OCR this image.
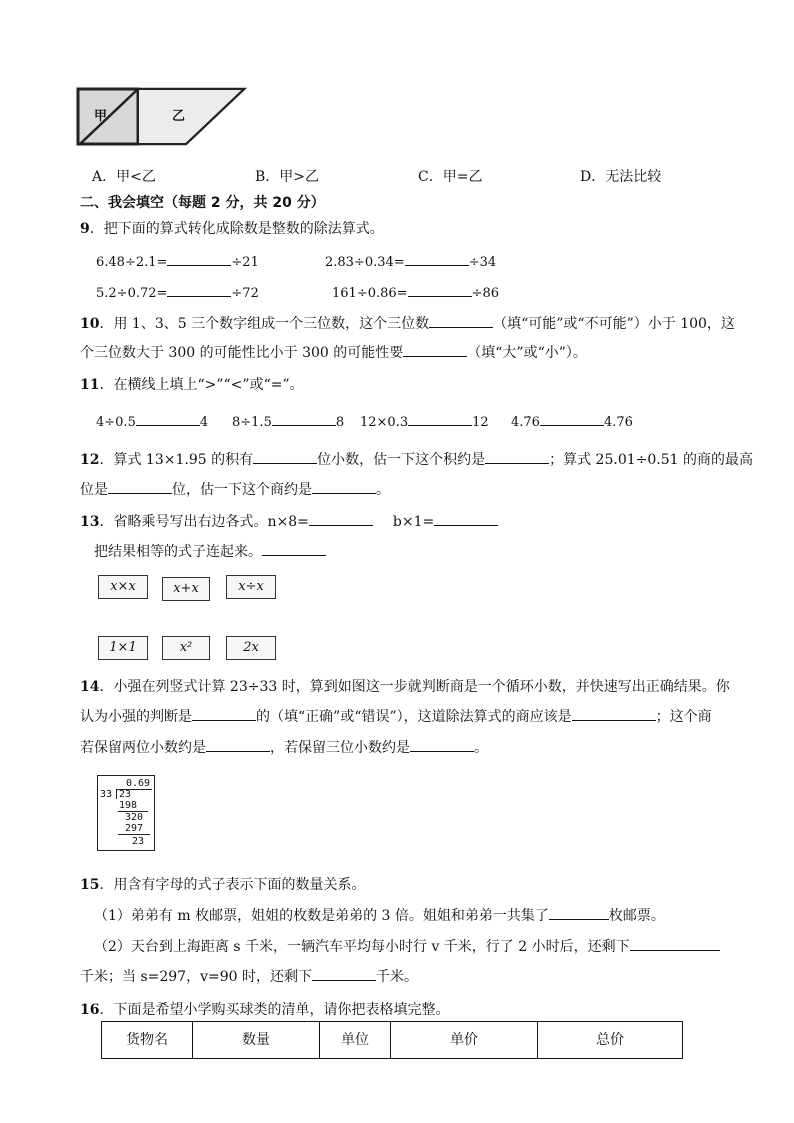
甲	乙
A．甲<乙	B．甲>乙	C．甲=乙	D．无法比较
二、我会填空（每题 2 分，共 20 分）
9．把下面的算式转化成除数是整数的除法算式。
6.48÷2.1=	÷21	2.83÷0.34=	÷34
5.2÷0.72=	÷72	161÷0.86=	÷86
10．用 1、3、5 三个数字组成一个三位数，这个三位数	（填“可能”或“不可能”）小于 100，这
个三位数大于 300 的可能性比小于 300 的可能性要	（填“大”或“小”）。
11．在横线上填上“>”“<”或“=”。
4÷0.5	4 8÷1.5	8 12×0.3	12 4.7̇6	4.7̇6̇
12．算式 13×1.95 的积有	位小数，估一下这个积约是	；算式 25.01÷0.51 的商的最高
位是	位，估一下这个商约是	。
13．省略乘号写出右边各式。n×8=	b×1=
把结果相等的式子连起来。
x×x	x+x	x÷x
1×1	x²	2x
14．小强在列竖式计算 23÷33 时，算到如图这一步就判断商是一个循环小数，并快速写出正确结果。你
认为小强的判断是	的（填“正确”或“错误”），这道除法算式的商应该是	；这个商
若保留两位小数约是	，若保留三位小数约是	。
0.69
33 23
198
320
297
23
15．用含有字母的式子表示下面的数量关系。
（1）弟弟有 m 枚邮票，姐姐的枚数是弟弟的 3 倍。姐姐和弟弟一共集了	枚邮票。
（2）天台到上海距离 s 千米，一辆汽车平均每小时行 v 千米，行了 2 小时后，还剩下
千米；当 s=297，v=90 时，还剩下	千米。
16．下面是希望小学购买球类的清单，请你把表格填完整。
货物名	数量	单位	单价	总价
